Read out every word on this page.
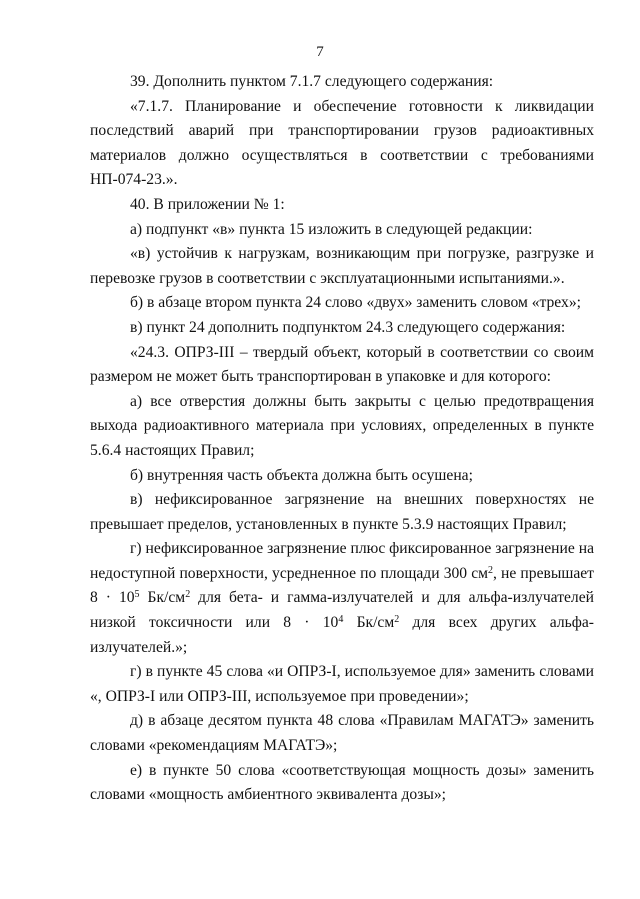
7

39. Дополнить пунктом 7.1.7 следующего содержания:

«7.1.7. Планирование и обеспечение готовности к ликвидации последствий аварий при транспортировании грузов радиоактивных материалов должно осуществляться в соответствии с требованиями НП-074-23.».

40. В приложении № 1:

а) подпункт «в» пункта 15 изложить в следующей редакции:

«в) устойчив к нагрузкам, возникающим при погрузке, разгрузке и перевозке грузов в соответствии с эксплуатационными испытаниями.».

б) в абзаце втором пункта 24 слово «двух» заменить словом «трех»;

в) пункт 24 дополнить подпунктом 24.3 следующего содержания:

«24.3. ОПРЗ-III – твердый объект, который в соответствии со своим размером не может быть транспортирован в упаковке и для которого:

а) все отверстия должны быть закрыты с целью предотвращения выхода радиоактивного материала при условиях, определенных в пункте 5.6.4 настоящих Правил;

б) внутренняя часть объекта должна быть осушена;

в) нефиксированное загрязнение на внешних поверхностях не превышает пределов, установленных в пункте 5.3.9 настоящих Правил;

г) нефиксированное загрязнение плюс фиксированное загрязнение на недоступной поверхности, усредненное по площади 300 $см^2$, не превышает $8 \cdot 10^5$ $Бк/см^2$ для бета- и гамма-излучателей и для альфа-излучателей низкой токсичности или $8 \cdot 10^4$ $Бк/см^2$ для всех других альфа-излучателей.»;

г) в пункте 45 слова «и ОПРЗ-I, используемое для» заменить словами «, ОПРЗ-I или ОПРЗ-III, используемое при проведении»;

д) в абзаце десятом пункта 48 слова «Правилам МАГАТЭ» заменить словами «рекомендациям МАГАТЭ»;

е) в пункте 50 слова «соответствующая мощность дозы» заменить словами «мощность амбиентного эквивалента дозы»;
